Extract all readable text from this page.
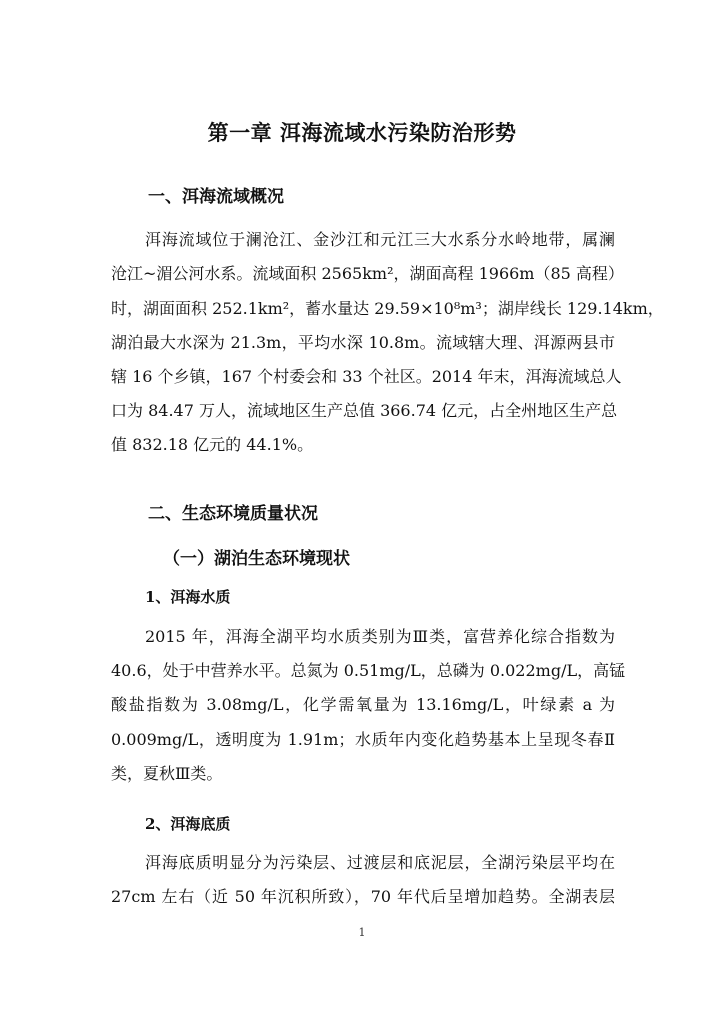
第一章 洱海流域水污染防治形势
一、洱海流域概况
洱海流域位于澜沧江、金沙江和元江三大水系分水岭地带，属澜
沧江~湄公河水系。流域面积 2565km²，湖面高程 1966m（85 高程）
时，湖面面积 252.1km²，蓄水量达 29.59×10⁸m³；湖岸线长 129.14km，
湖泊最大水深为 21.3m，平均水深 10.8m。流域辖大理、洱源两县市
辖 16 个乡镇，167 个村委会和 33 个社区。2014 年末，洱海流域总人
口为 84.47 万人，流域地区生产总值 366.74 亿元，占全州地区生产总
值 832.18 亿元的 44.1%。
二、生态环境质量状况
（一）湖泊生态环境现状
1、洱海水质
2015 年，洱海全湖平均水质类别为Ⅲ类，富营养化综合指数为
40.6，处于中营养水平。总氮为 0.51mg/L，总磷为 0.022mg/L，高锰
酸盐指数为 3.08mg/L，化学需氧量为 13.16mg/L，叶绿素 a 为
0.009mg/L，透明度为 1.91m；水质年内变化趋势基本上呈现冬春Ⅱ
类，夏秋Ⅲ类。
2、洱海底质
洱海底质明显分为污染层、过渡层和底泥层，全湖污染层平均在
27cm 左右（近 50 年沉积所致），70 年代后呈增加趋势。全湖表层
1
